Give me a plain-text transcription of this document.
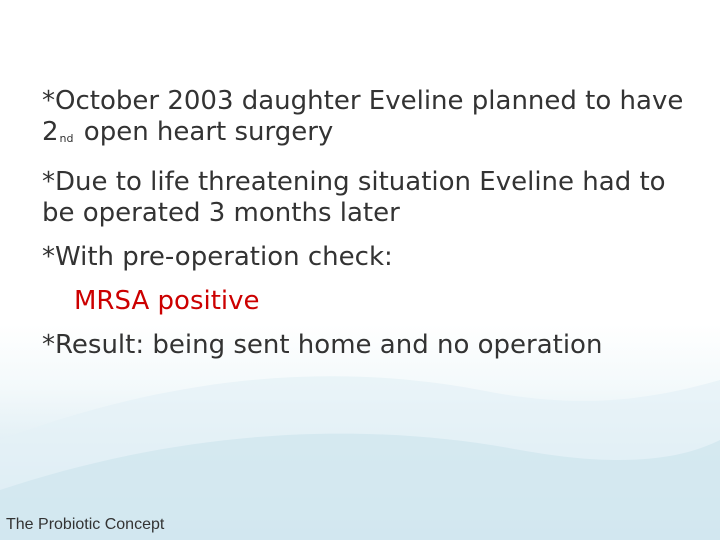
*October 2003 daughter Eveline planned to have 2nd open heart surgery

*Due to life threatening situation Eveline had to be operated 3 months later

*With pre-operation check:

MRSA positive

*Result: being sent home and no operation

The Probiotic Concept
